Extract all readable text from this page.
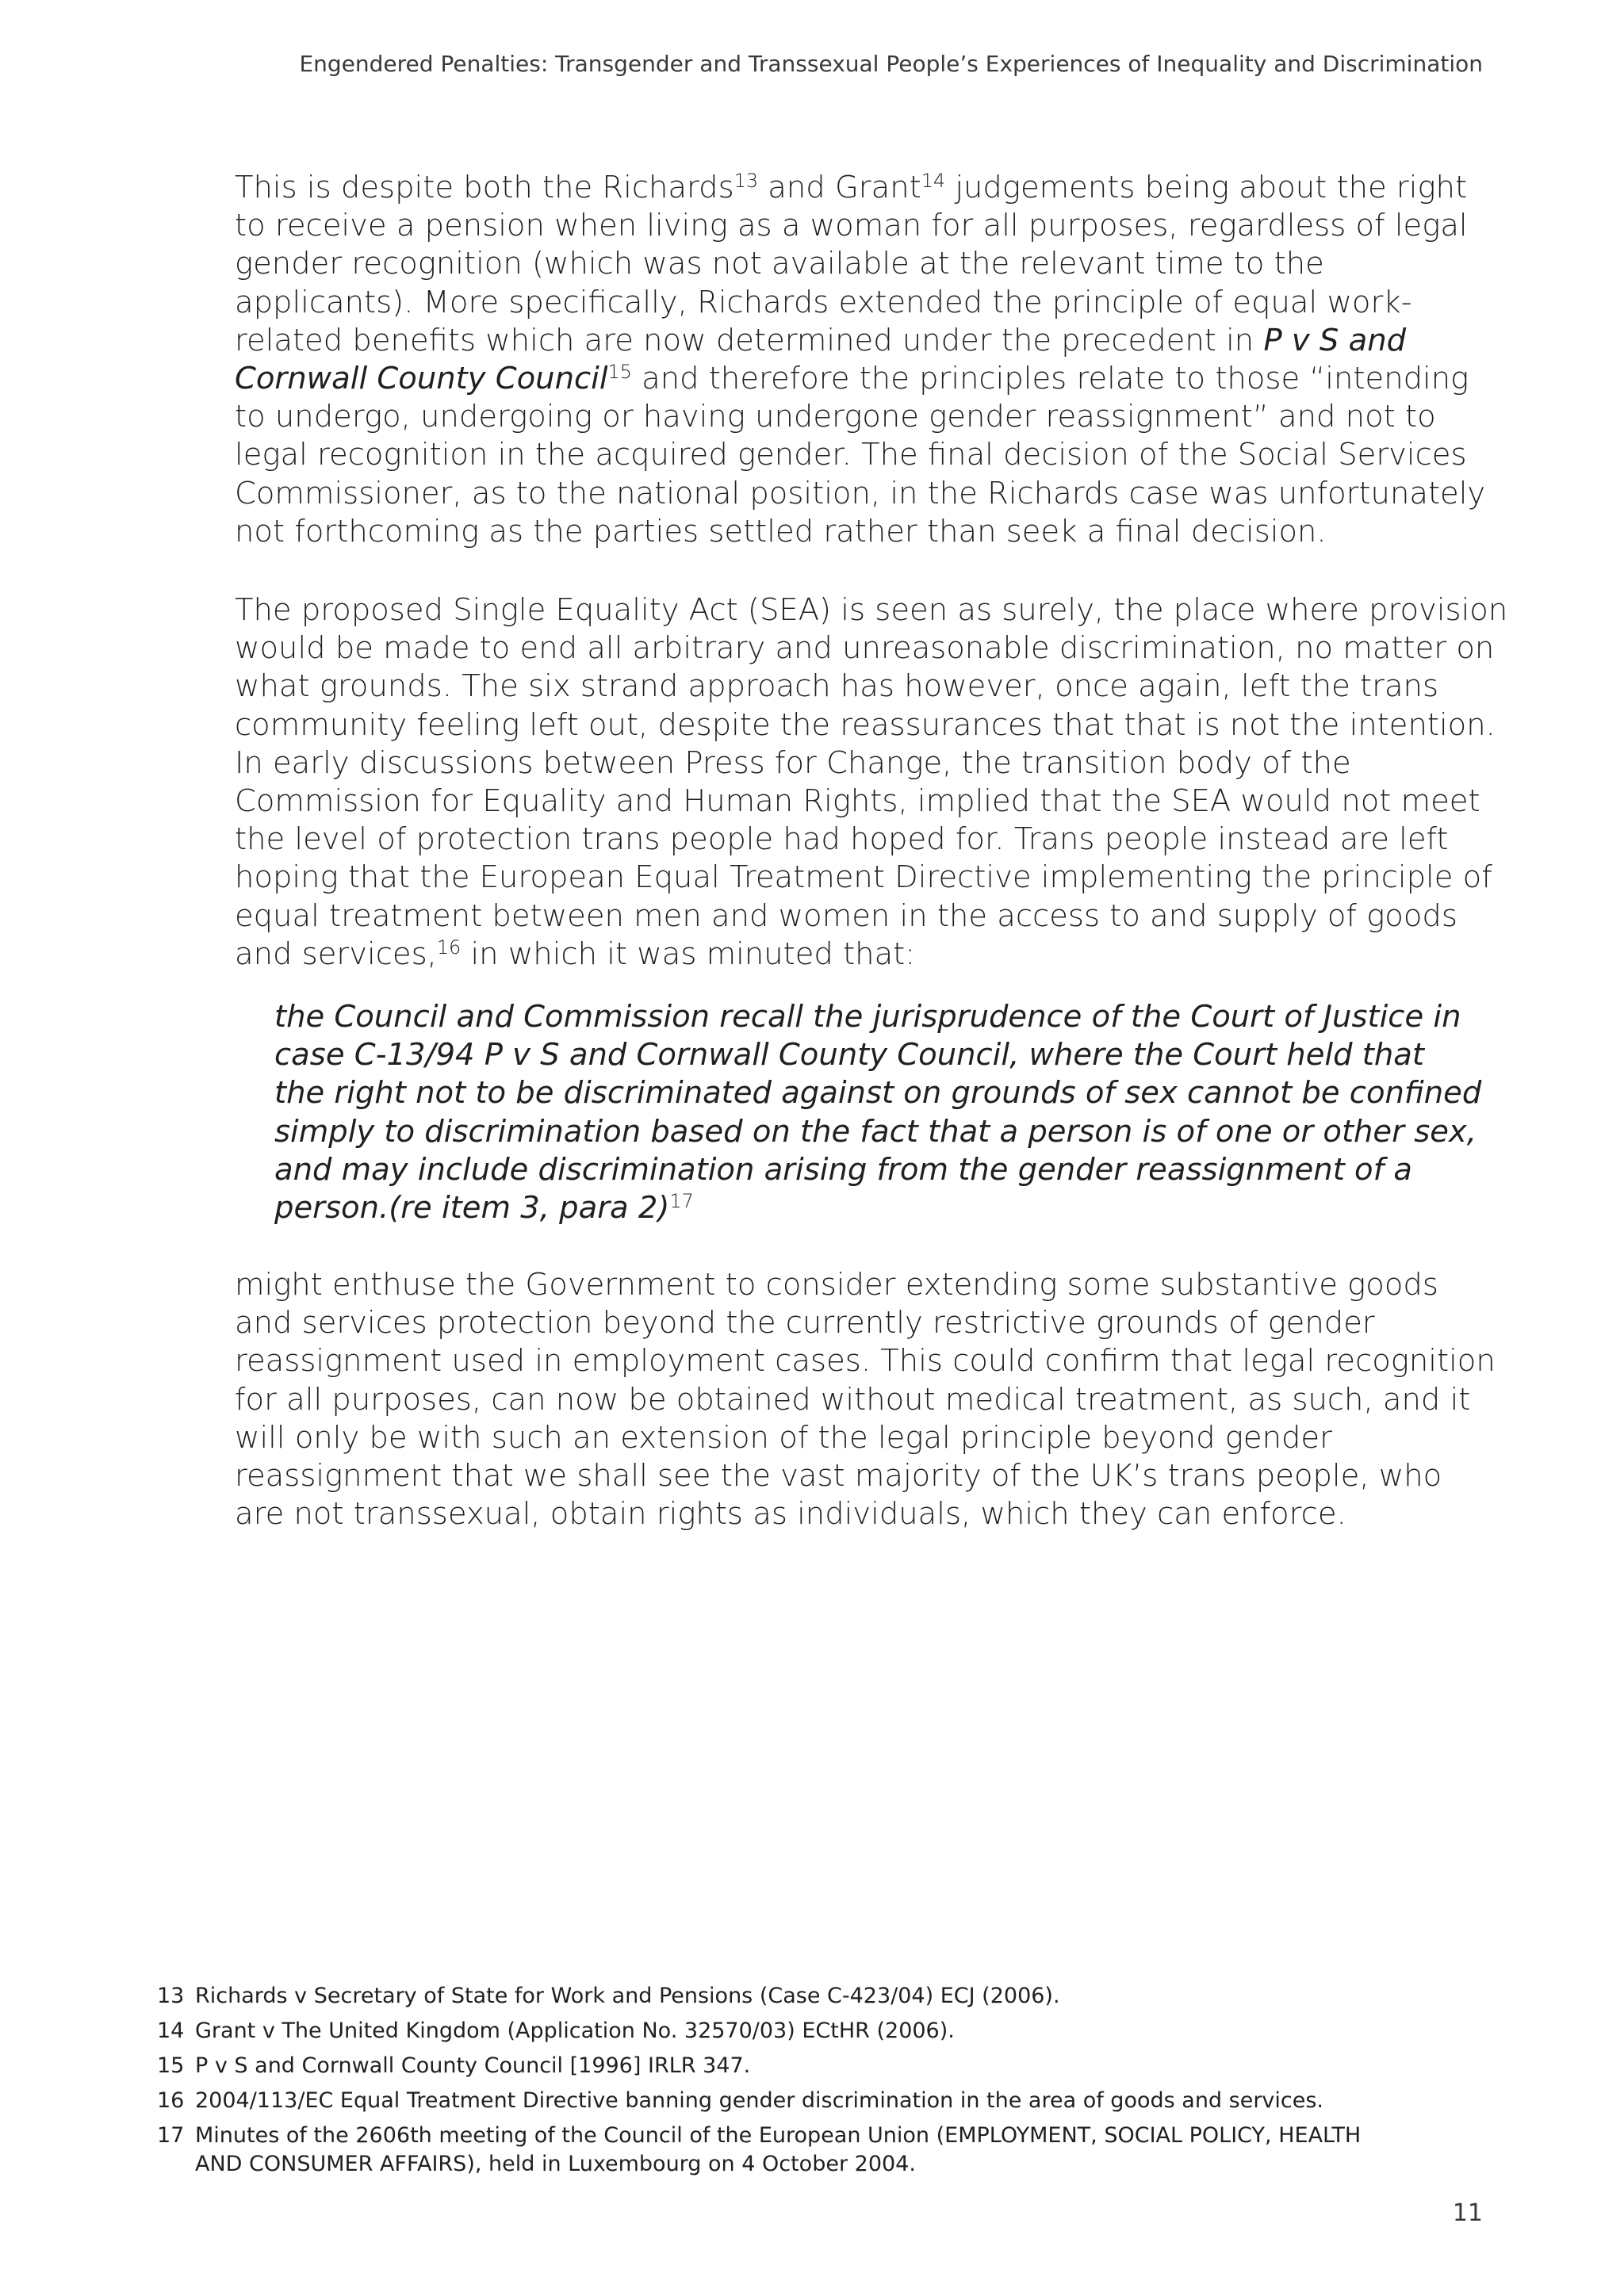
Engendered Penalties: Transgender and Transsexual People’s Experiences of Inequality and Discrimination

This is despite both the Richards$^{13}$ and Grant$^{14}$ judgements being about the right
to receive a pension when living as a woman for all purposes, regardless of legal
gender recognition (which was not available at the relevant time to the
applicants). More specifically, Richards extended the principle of equal work-
related benefits which are now determined under the precedent in P v S and
Cornwall County Council$^{15}$ and therefore the principles relate to those “intending
to undergo, undergoing or having undergone gender reassignment” and not to
legal recognition in the acquired gender. The final decision of the Social Services
Commissioner, as to the national position, in the Richards case was unfortunately
not forthcoming as the parties settled rather than seek a final decision.

The proposed Single Equality Act (SEA) is seen as surely, the place where provision
would be made to end all arbitrary and unreasonable discrimination, no matter on
what grounds. The six strand approach has however, once again, left the trans
community feeling left out, despite the reassurances that that is not the intention.
In early discussions between Press for Change, the transition body of the
Commission for Equality and Human Rights, implied that the SEA would not meet
the level of protection trans people had hoped for. Trans people instead are left
hoping that the European Equal Treatment Directive implementing the principle of
equal treatment between men and women in the access to and supply of goods
and services,$^{16}$ in which it was minuted that:

the Council and Commission recall the jurisprudence of the Court of Justice in
case C-13/94 P v S and Cornwall County Council, where the Court held that
the right not to be discriminated against on grounds of sex cannot be confined
simply to discrimination based on the fact that a person is of one or other sex,
and may include discrimination arising from the gender reassignment of a
person.(re item 3, para 2)$^{17}$

might enthuse the Government to consider extending some substantive goods
and services protection beyond the currently restrictive grounds of gender
reassignment used in employment cases. This could confirm that legal recognition
for all purposes, can now be obtained without medical treatment, as such, and it
will only be with such an extension of the legal principle beyond gender
reassignment that we shall see the vast majority of the UK’s trans people, who
are not transsexual, obtain rights as individuals, which they can enforce.

13 Richards v Secretary of State for Work and Pensions (Case C-423/04) ECJ (2006).
14 Grant v The United Kingdom (Application No. 32570/03) ECtHR (2006).
15 P v S and Cornwall County Council [1996] IRLR 347.
16 2004/113/EC Equal Treatment Directive banning gender discrimination in the area of goods and services.
17 Minutes of the 2606th meeting of the Council of the European Union (EMPLOYMENT, SOCIAL POLICY, HEALTH
AND CONSUMER AFFAIRS), held in Luxembourg on 4 October 2004.
11
